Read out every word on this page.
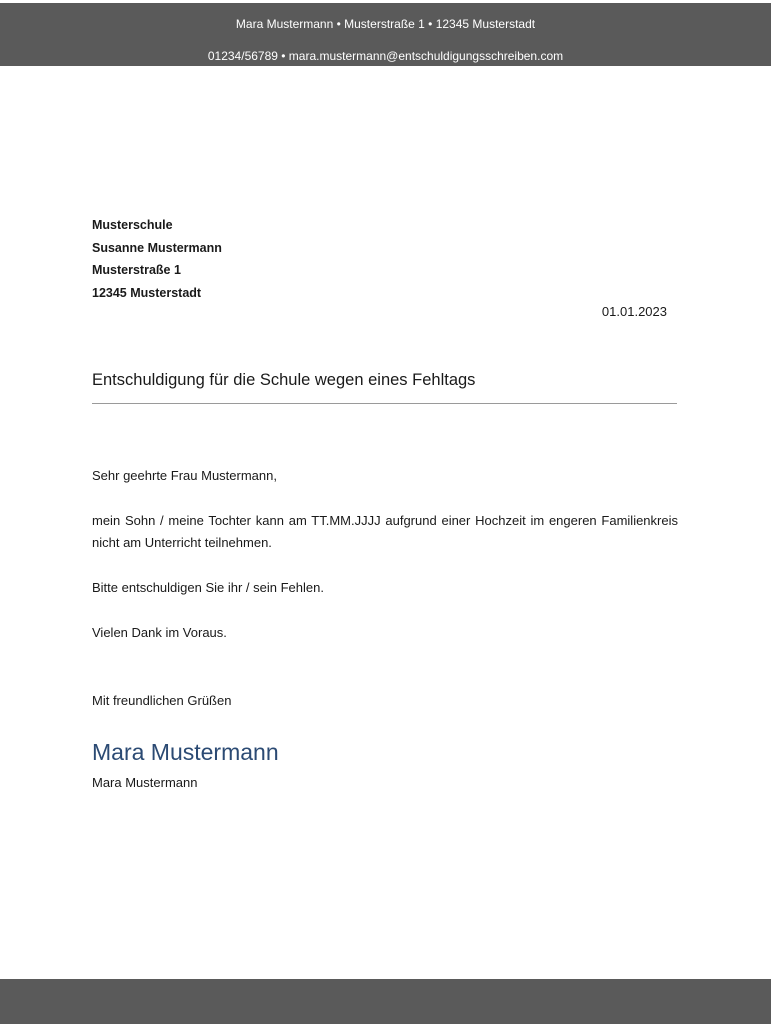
Mara Mustermann • Musterstraße 1 • 12345 Musterstadt
01234/56789 • mara.mustermann@entschuldigungsschreiben.com
Musterschule
Susanne Mustermann
Musterstraße 1
12345 Musterstadt
01.01.2023
Entschuldigung für die Schule wegen eines Fehltags
Sehr geehrte Frau Mustermann,
mein Sohn / meine Tochter kann am TT.MM.JJJJ aufgrund einer Hochzeit im engeren Familienkreis nicht am Unterricht teilnehmen.
Bitte entschuldigen Sie ihr / sein Fehlen.
Vielen Dank im Voraus.
Mit freundlichen Grüßen
Mara Mustermann
Mara Mustermann
